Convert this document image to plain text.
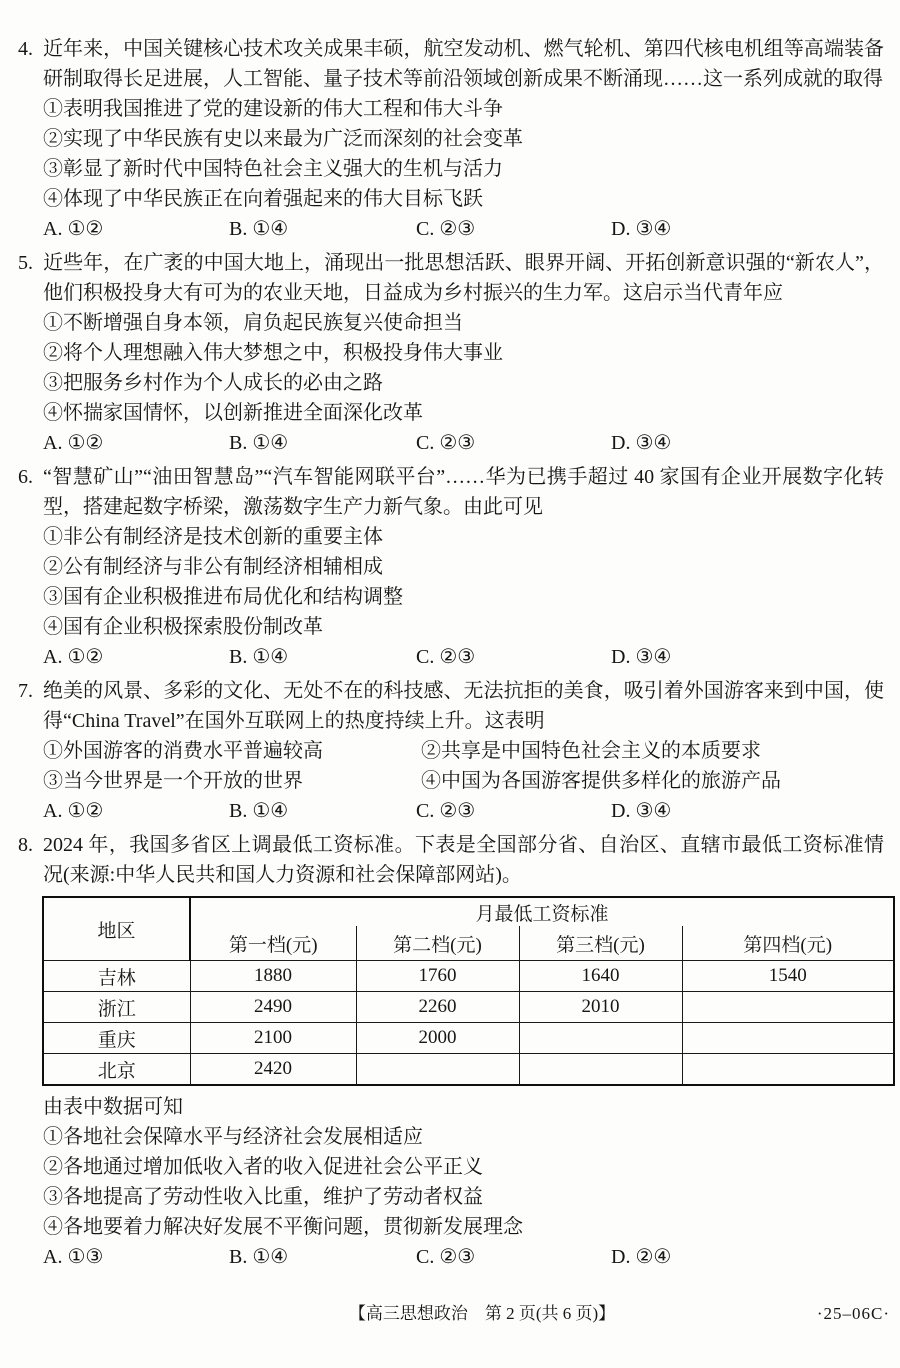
4. 近年来，中国关键核心技术攻关成果丰硕，航空发动机、燃气轮机、第四代核电机组等高端装备研制取得长足进展，人工智能、量子技术等前沿领域创新成果不断涌现……这一系列成就的取得

①表明我国推进了党的建设新的伟大工程和伟大斗争
②实现了中华民族有史以来最为广泛而深刻的社会变革
③彰显了新时代中国特色社会主义强大的生机与活力
④体现了中华民族正在向着强起来的伟大目标飞跃
A. ①②	B. ①④	C. ②③	D. ③④

5. 近些年，在广袤的中国大地上，涌现出一批思想活跃、眼界开阔、开拓创新意识强的“新农人”，他们积极投身大有可为的农业天地，日益成为乡村振兴的生力军。这启示当代青年应

①不断增强自身本领，肩负起民族复兴使命担当
②将个人理想融入伟大梦想之中，积极投身伟大事业
③把服务乡村作为个人成长的必由之路
④怀揣家国情怀，以创新推进全面深化改革
A. ①②	B. ①④	C. ②③	D. ③④

6. “智慧矿山”“油田智慧岛”“汽车智能网联平台”……华为已携手超过 40 家国有企业开展数字化转型，搭建起数字桥梁，激荡数字生产力新气象。由此可见

①非公有制经济是技术创新的重要主体
②公有制经济与非公有制经济相辅相成
③国有企业积极推进布局优化和结构调整
④国有企业积极探索股份制改革
A. ①②	B. ①④	C. ②③	D. ③④

7. 绝美的风景、多彩的文化、无处不在的科技感、无法抗拒的美食，吸引着外国游客来到中国，使得“China Travel”在国外互联网上的热度持续上升。这表明

①外国游客的消费水平普遍较高	②共享是中国特色社会主义的本质要求
③当今世界是一个开放的世界	④中国为各国游客提供多样化的旅游产品
A. ①②	B. ①④	C. ②③	D. ③④

8. 2024 年，我国多省区上调最低工资标准。下表是全国部分省、自治区、直辖市最低工资标准情况(来源:中华人民共和国人力资源和社会保障部网站)。

地区	月最低工资标准			
	第一档(元)	第二档(元)	第三档(元)	第四档(元)
吉林	1880	1760	1640	1540
浙江	2490	2260	2010	
重庆	2100	2000		
北京	2420			
由表中数据可知
①各地社会保障水平与经济社会发展相适应
②各地通过增加低收入者的收入促进社会公平正义
③各地提高了劳动性收入比重，维护了劳动者权益
④各地要着力解决好发展不平衡问题，贯彻新发展理念
A. ①③	B. ①④	C. ②③	D. ②④
【高三思想政治　第 2 页(共 6 页)】	·25–06C·
